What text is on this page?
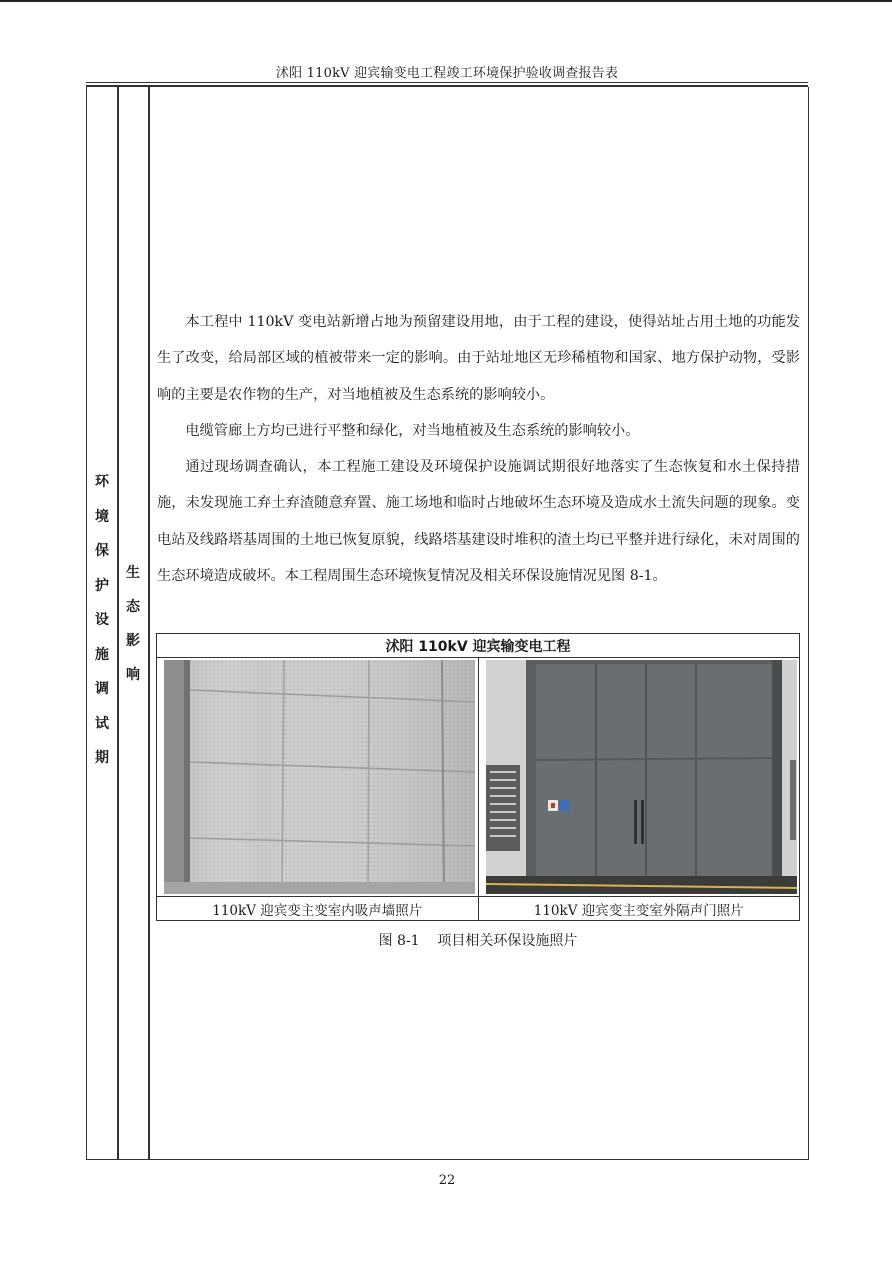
沭阳 110kV 迎宾输变电工程竣工环境保护验收调查报告表
环
境
保
护
设
施
调
试
期
生
态
影
响

本工程中 110kV 变电站新增占地为预留建设用地，由于工程的建设，使得站址占用土地的功能发生了改变，给局部区域的植被带来一定的影响。由于站址地区无珍稀植物和国家、地方保护动物，受影响的主要是农作物的生产，对当地植被及生态系统的影响较小。

电缆管廊上方均已进行平整和绿化，对当地植被及生态系统的影响较小。

通过现场调查确认，本工程施工建设及环境保护设施调试期很好地落实了生态恢复和水土保持措施，未发现施工弃土弃渣随意弃置、施工场地和临时占地破坏生态环境及造成水土流失问题的现象。变电站及线路塔基周围的土地已恢复原貌，线路塔基建设时堆积的渣土均已平整并进行绿化，未对周围的生态环境造成破坏。本工程周围生态环境恢复情况及相关环保设施情况见图 8-1。

沭阳 110kV 迎宾输变电工程	

110kV 迎宾变主变室内吸声墙照片	110kV 迎宾变主变室外隔声门照片
图 8-1    项目相关环保设施照片
22
